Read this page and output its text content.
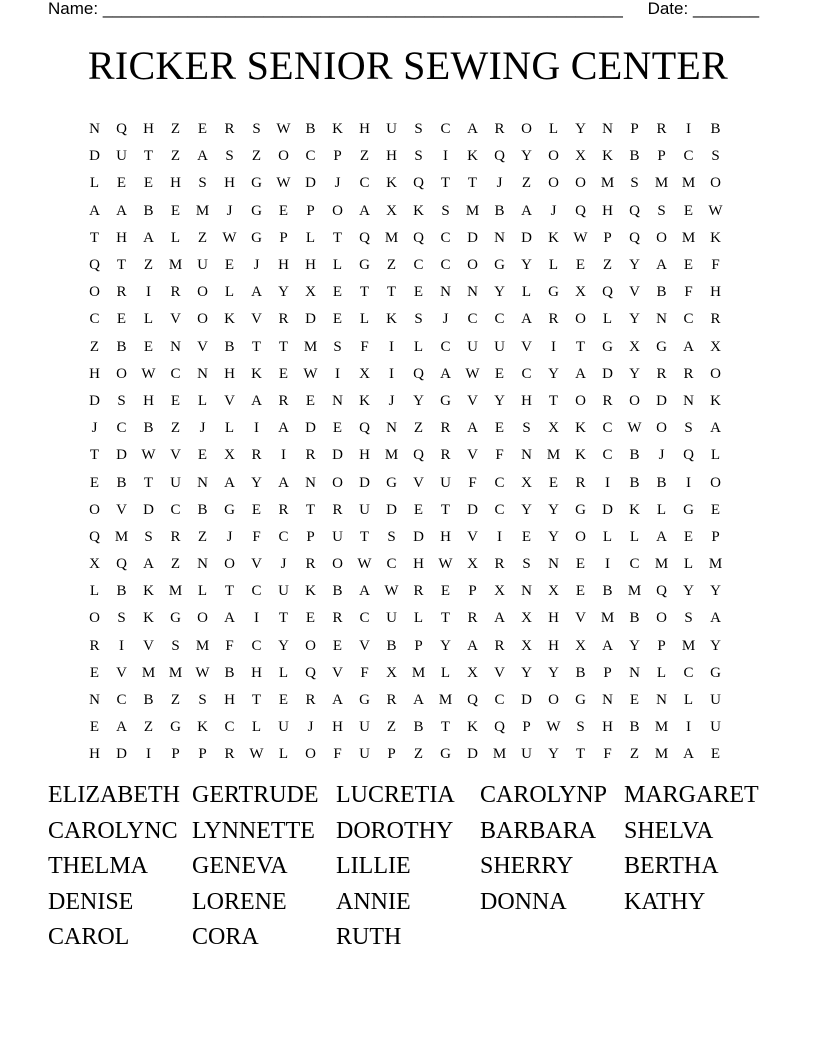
Name: _______________________________________________________ Date: _______
RICKER SENIOR SEWING CENTER
N	Q	H	Z	E	R	S	W B	K	H	U	S	C	A	R	O	L	Y	N	P	R	I	B
D	U	T	Z	A	S	Z	O	C	P	Z	H	S	I	K	Q	Y	O	X	K	B	P	C	S
L	E	E	H	S	H	G W D	J	C	K	Q	T	T	J	Z	O	O M	S	M M O
A	A	B	E	M	J	G	E	P	O	A	X	K	S	M	B	A	J	Q	H	Q	S	E	W
T	H	A	L	Z	W G	P	L	T	Q M Q	C	D	N	D	K W	P	Q	O M K
Q	T	Z	M U	E	J	H	H	L	G	Z	C	C	O	G	Y	L	E	Z	Y	A	E	F
O	R	I	R	O	L	A	Y	X	E	T	T	E	N	N	Y	L	G	X	Q	V	B	F	H
C	E	L	V	O	K	V	R	D	E	L	K	S	J	C	C	A	R	O	L	Y	N	C	R
Z	B	E	N	V	B	T	T	M	S	F	I	L	C	U	U	V	I	T	G	X	G	A	X
H	O W C	N	H	K	E	W	I	X	I	Q	A W	E	C	Y	A	D	Y	R	R	O
D	S	H	E	L	V	A	R	E	N	K	J	Y	G	V	Y	H	T	O	R	O	D	N	K
J	C	B	Z	J	L	I	A	D	E	Q	N	Z	R	A	E	S	X	K	C W O	S	A
T	D W V	E	X	R	I	R	D	H M Q	R	V	F	N M K	C	B	J	Q	L
E	B	T	U	N	A	Y	A	N	O	D	G	V	U	F	C	X	E	R	I	B	B	I	O
O	V	D	C	B	G	E	R	T	R	U	D	E	T	D	C	Y	Y	G	D	K	L	G	E
Q M	S	R	Z	J	F	C	P	U	T	S	D	H	V	I	E	Y	O	L	L	A	E	P
X	Q	A	Z	N	O	V	J	R	O W C	H W X	R	S	N	E	I	C	M	L	M
L	B	K M	L	T	C	U	K	B	A W R	E	P	X	N	X	E	B	M Q	Y	Y
O	S	K	G	O	A	I	T	E	R	C	U	L	T	R	A	X	H	V M	B	O	S	A
R	I	V	S	M	F	C	Y	O	E	V	B	P	Y	A	R	X	H	X	A	Y	P	M Y
E	V M M W B	H	L	Q	V	F	X M	L	X	V	Y	Y	B	P	N	L	C	G
N	C	B	Z	S	H	T	E	R	A	G	R	A M Q	C	D	O	G	N	E	N	L	U
E	A	Z	G	K	C	L	U	J	H	U	Z	B	T	K	Q	P	W	S	H	B	M	I	U
H	D	I	P	P	R W	L	O	F	U	P	Z	G	D M U	Y	T	F	Z	M A	E
ELIZABETH GERTRUDE LUCRETIA	CAROLYNP MARGARET
CAROLYNC LYNNETTE DOROTHY	BARBARA	SHELVA
THELMA	GENEVA	LILLIE	SHERRY	BERTHA
DENISE	LORENE	ANNIE	DONNA	KATHY
CAROL	CORA	RUTH
